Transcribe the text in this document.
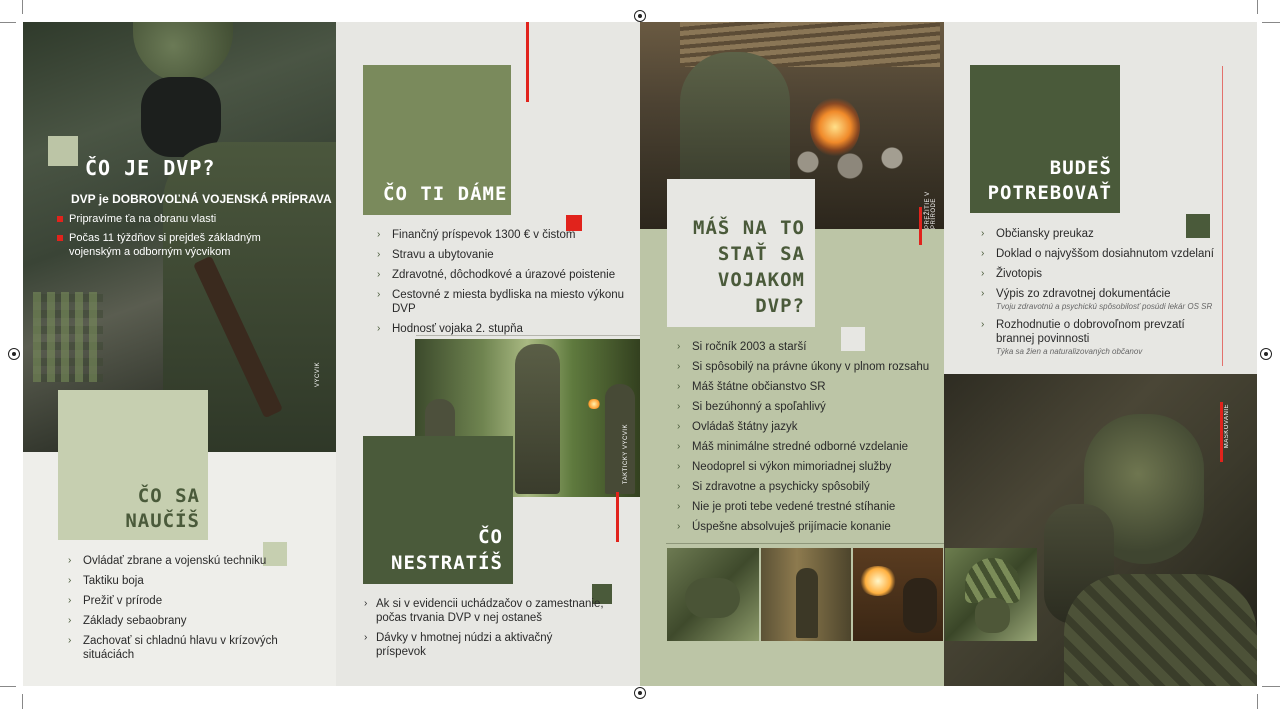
VÝCVIK
ČO JE DVP?
DVP je DOBROVOĽNÁ VOJENSKÁ PRÍPRAVA
Pripravíme ťa na obranu vlasti
Počas 11 týždňov si prejdeš základným vojenským a odborným výcvikom
ČO SA
NAUČÍŠ
› Ovládať zbrane a vojenskú techniku
› Taktiku boja
› Prežiť v prírode
› Základy sebaobrany
› Zachovať si chladnú hlavu v krízových situáciách
ČO TI DÁME
› Finančný príspevok 1300 € v čistom
› Stravu a ubytovanie
› Zdravotné, dôchodkové a úrazové poistenie
› Cestovné z miesta bydliska na miesto výkonu DVP
› Hodnosť vojaka 2. stupňa
TAKTICKÝ VÝCVIK
ČO
NESTRATÍŠ
› Ak si v evidencii uchádzačov o zamestnanie, počas trvania DVP v nej ostaneš
› Dávky v hmotnej núdzi a aktivačný príspevok
PREŽITIE V PRÍRODE
MÁŠ NA TO
STAŤ SA
VOJAKOM
DVP?
› Si ročník 2003 a starší
› Si spôsobilý na právne úkony v plnom rozsahu
› Máš štátne občianstvo SR
› Si bezúhonný a spoľahlivý
› Ovládaš štátny jazyk
› Máš minimálne stredné odborné vzdelanie
› Neodoprel si výkon mimoriadnej služby
› Si zdravotne a psychicky spôsobilý
› Nie je proti tebe vedené trestné stíhanie
› Úspešne absolvuješ prijímacie konanie
BUDEŠ
POTREBOVAŤ
› Občiansky preukaz
› Doklad o najvyššom dosiahnutom vzdelaní
› Životopis
› Výpis zo zdravotnej dokumentácie
Tvoju zdravotnú a psychickú spôsobilosť posúdi lekár OS SR
› Rozhodnutie o dobrovoľnom prevzatí brannej povinnosti
Týka sa žien a naturalizovaných občanov
MASKOVANIE
